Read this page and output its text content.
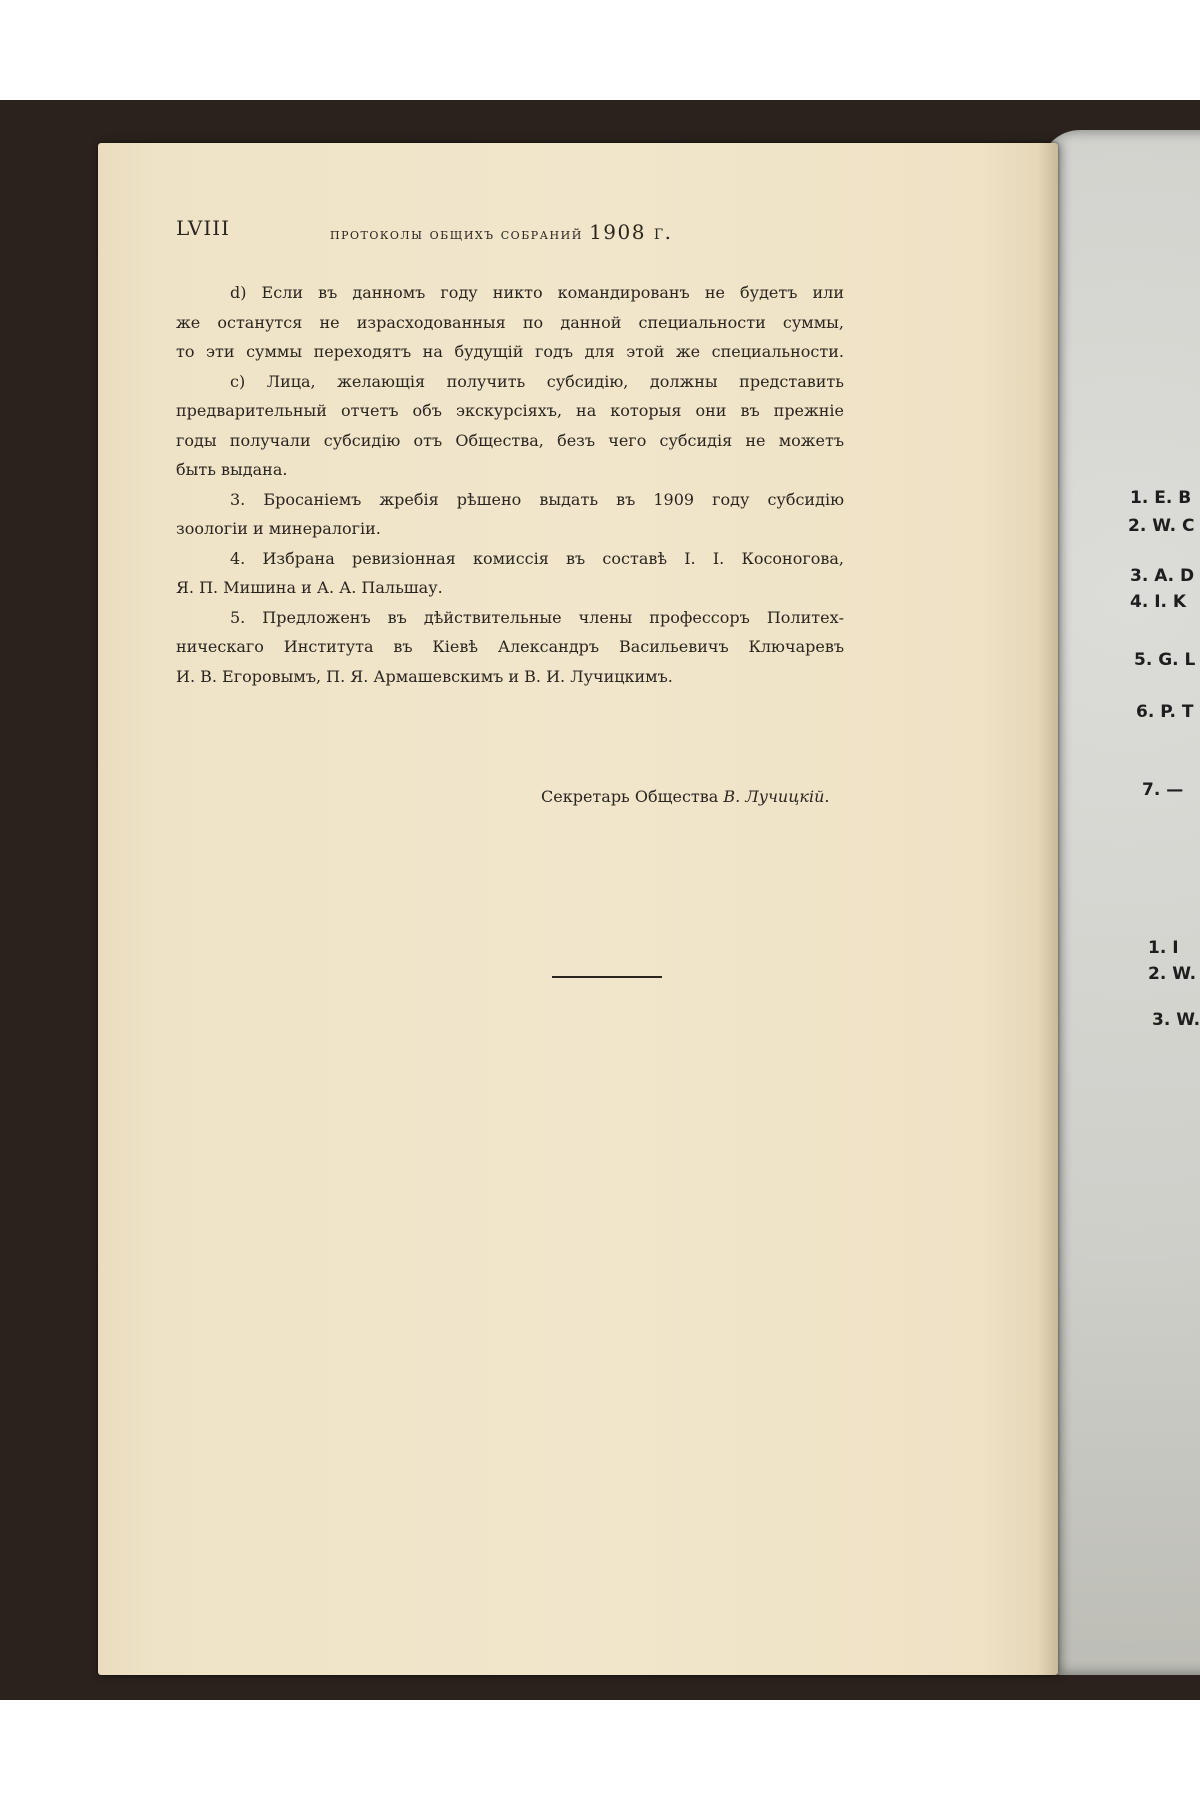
1. E. B
2. W. C
3. A. D
4. I. K
5. G. L
6. P. T
7. —
1. I
2. W.
3. W.
LVIII	протоколы общихъ собраний 1908 г.

d) Если въ данномъ году никто командированъ не будетъ или
же останутся не израсходованныя по данной специальности суммы,
то эти суммы переходятъ на будущій годъ для этой же специальности.

c) Лица, желающія получить субсидію, должны представить
предварительный отчетъ объ экскурсіяхъ, на которыя они въ прежніе
годы получали субсидію отъ Общества, безъ чего субсидія не можетъ
быть выдана.

3. Бросаніемъ жребія рѣшено выдать въ 1909 году субсидію
зоологіи и минералогіи.

4. Избрана ревизіонная комиссія въ составѣ І. І. Косоногова,
Я. П. Мишина и А. А. Пальшау.

5. Предложенъ въ дѣйствительные члены профессоръ Политех-
ническаго Института въ Кіевѣ Александръ Васильевичъ Ключаревъ
И. В. Егоровымъ, П. Я. Армашевскимъ и В. И. Лучицкимъ.

Секретарь Общества В. Лучицкій.
